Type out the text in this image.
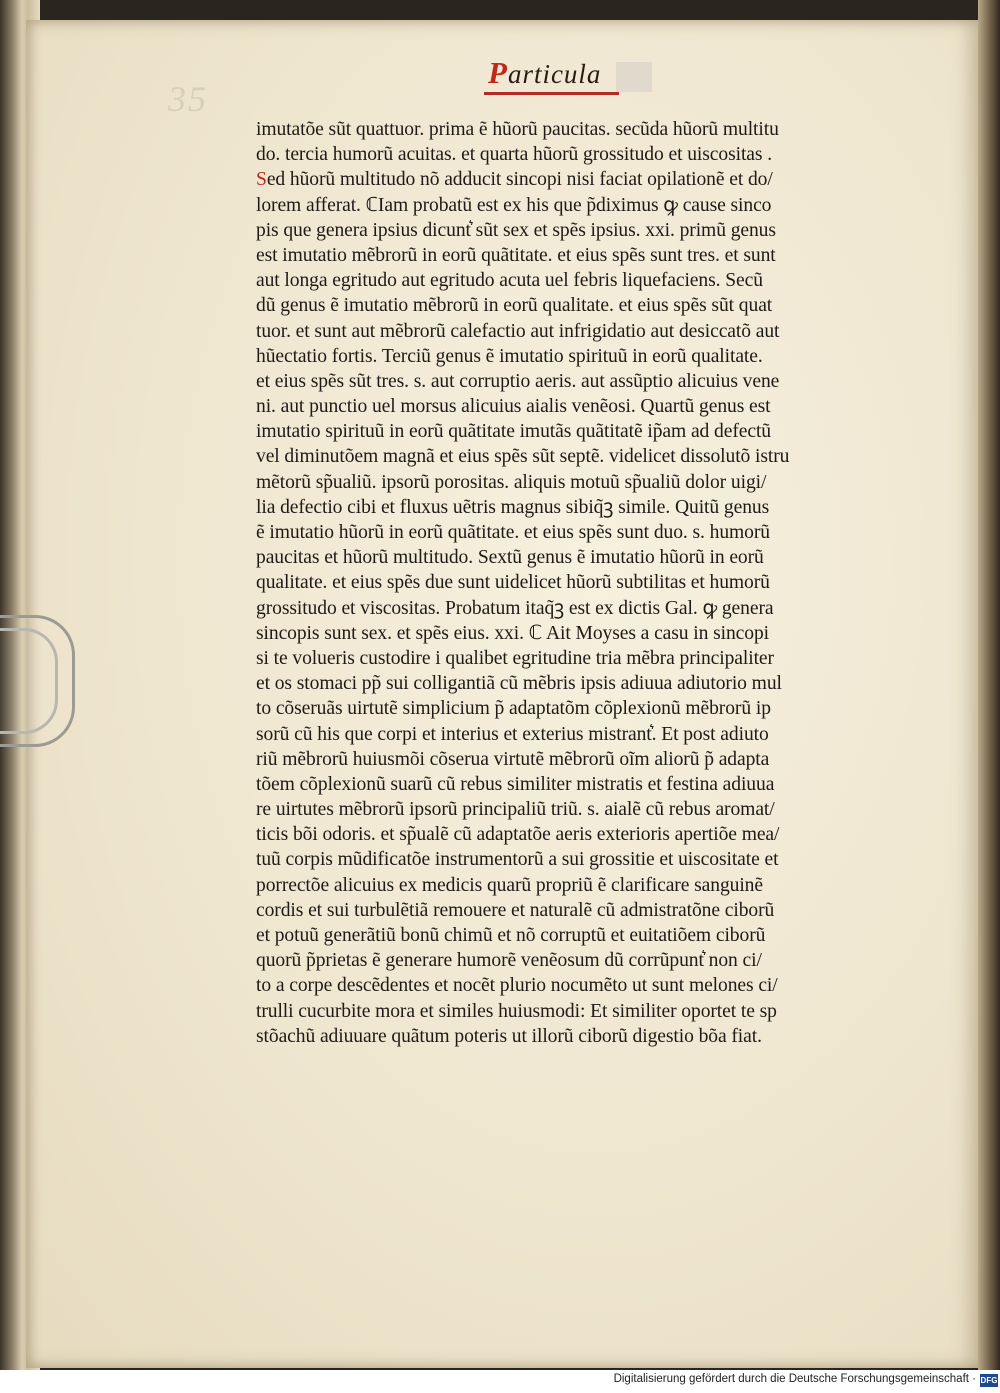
35
Particula
imutatõe sũt quattuor. prima ẽ hũorũ paucitas. secũda hũorũ multitu
do. tercia humorũ acuitas. et quarta hũorũ grossitudo et uiscositas .
Sed hũorũ multitudo nõ adducit sincopi nisi faciat opilationẽ et do/
lorem afferat. ℂIam probatũ est ex his que p̃diximus ꝙ cause sinco
pis que genera ipsius dicunt͛ sũt sex et spẽs ipsius. xxi. primũ genus
est imutatio mẽbrorũ in eorũ quãtitate. et eius spẽs sunt tres. et sunt
aut longa egritudo aut egritudo acuta uel febris liquefaciens. Secũ
dũ genus ẽ imutatio mẽbrorũ in eorũ qualitate. et eius spẽs sũt quat
tuor. et sunt aut mẽbrorũ calefactio aut infrigidatio aut desiccatõ aut
hũectatio fortis. Terciũ genus ẽ imutatio spirituũ in eorũ qualitate.
et eius spẽs sũt tres. s. aut corruptio aeris. aut assũptio alicuius vene
ni. aut punctio uel morsus alicuius aialis venẽosi. Quartũ genus est
imutatio spirituũ in eorũ quãtitate imutãs quãtitatẽ ip̃am ad defectũ
vel diminutõem magnã et eius spẽs sũt septẽ. videlicet dissolutõ istru
mẽtorũ sp̃ualiũ. ipsorũ porositas. aliquis motuũ sp̃ualiũ dolor uigi/
lia defectio cibi et fluxus uẽtris magnus sibiq̃ꝫ simile. Quitũ genus
ẽ imutatio hũorũ in eorũ quãtitate. et eius spẽs sunt duo. s. humorũ
paucitas et hũorũ multitudo. Sextũ genus ẽ imutatio hũorũ in eorũ
qualitate. et eius spẽs due sunt uidelicet hũorũ subtilitas et humorũ
grossitudo et viscositas. Probatum itaq̃ꝫ est ex dictis Gal. ꝙ genera
sincopis sunt sex. et spẽs eius. xxi. ℂ Ait Moyses a casu in sincopi
si te volueris custodire i qualibet egritudine tria mẽbra principaliter
et os stomaci pp̃ sui colligantiã cũ mẽbris ipsis adiuua adiutorio mul
to cõseruãs uirtutẽ simplicium p̃ adaptatõm cõplexionũ mẽbrorũ ip
sorũ cũ his que corpi et interius et exterius mistrant͛. Et post adiuto
riũ mẽbrorũ huiusmõi cõserua virtutẽ mẽbrorũ oĩm aliorũ p̃ adapta
tõem cõplexionũ suarũ cũ rebus similiter mistratis et festina adiuua
re uirtutes mẽbrorũ ipsorũ principaliũ triũ. s. aialẽ cũ rebus aromat/
ticis bõi odoris. et sp̃ualẽ cũ adaptatõe aeris exterioris apertiõe mea/
tuũ corpis mũdificatõe instrumentorũ a sui grossitie et uiscositate et
porrectõe alicuius ex medicis quarũ propriũ ẽ clarificare sanguinẽ
cordis et sui turbulẽtiã remouere et naturalẽ cũ admistratõne ciborũ
et potuũ generãtiũ bonũ chimũ et nõ corruptũ et euitatiõem ciborũ
quorũ p̃prietas ẽ generare humorẽ venẽosum dũ corrũpunt͛ non ci/
to a corpe descẽdentes et nocẽt plurio nocumẽto ut sunt melones ci/
trulli cucurbite mora et similes huiusmodi: Et similiter oportet te sp
stõachũ adiuuare quãtum poteris ut illorũ ciborũ digestio bõa fiat.
Digitalisierung gefördert durch die Deutsche Forschungsgemeinschaft · DFG
